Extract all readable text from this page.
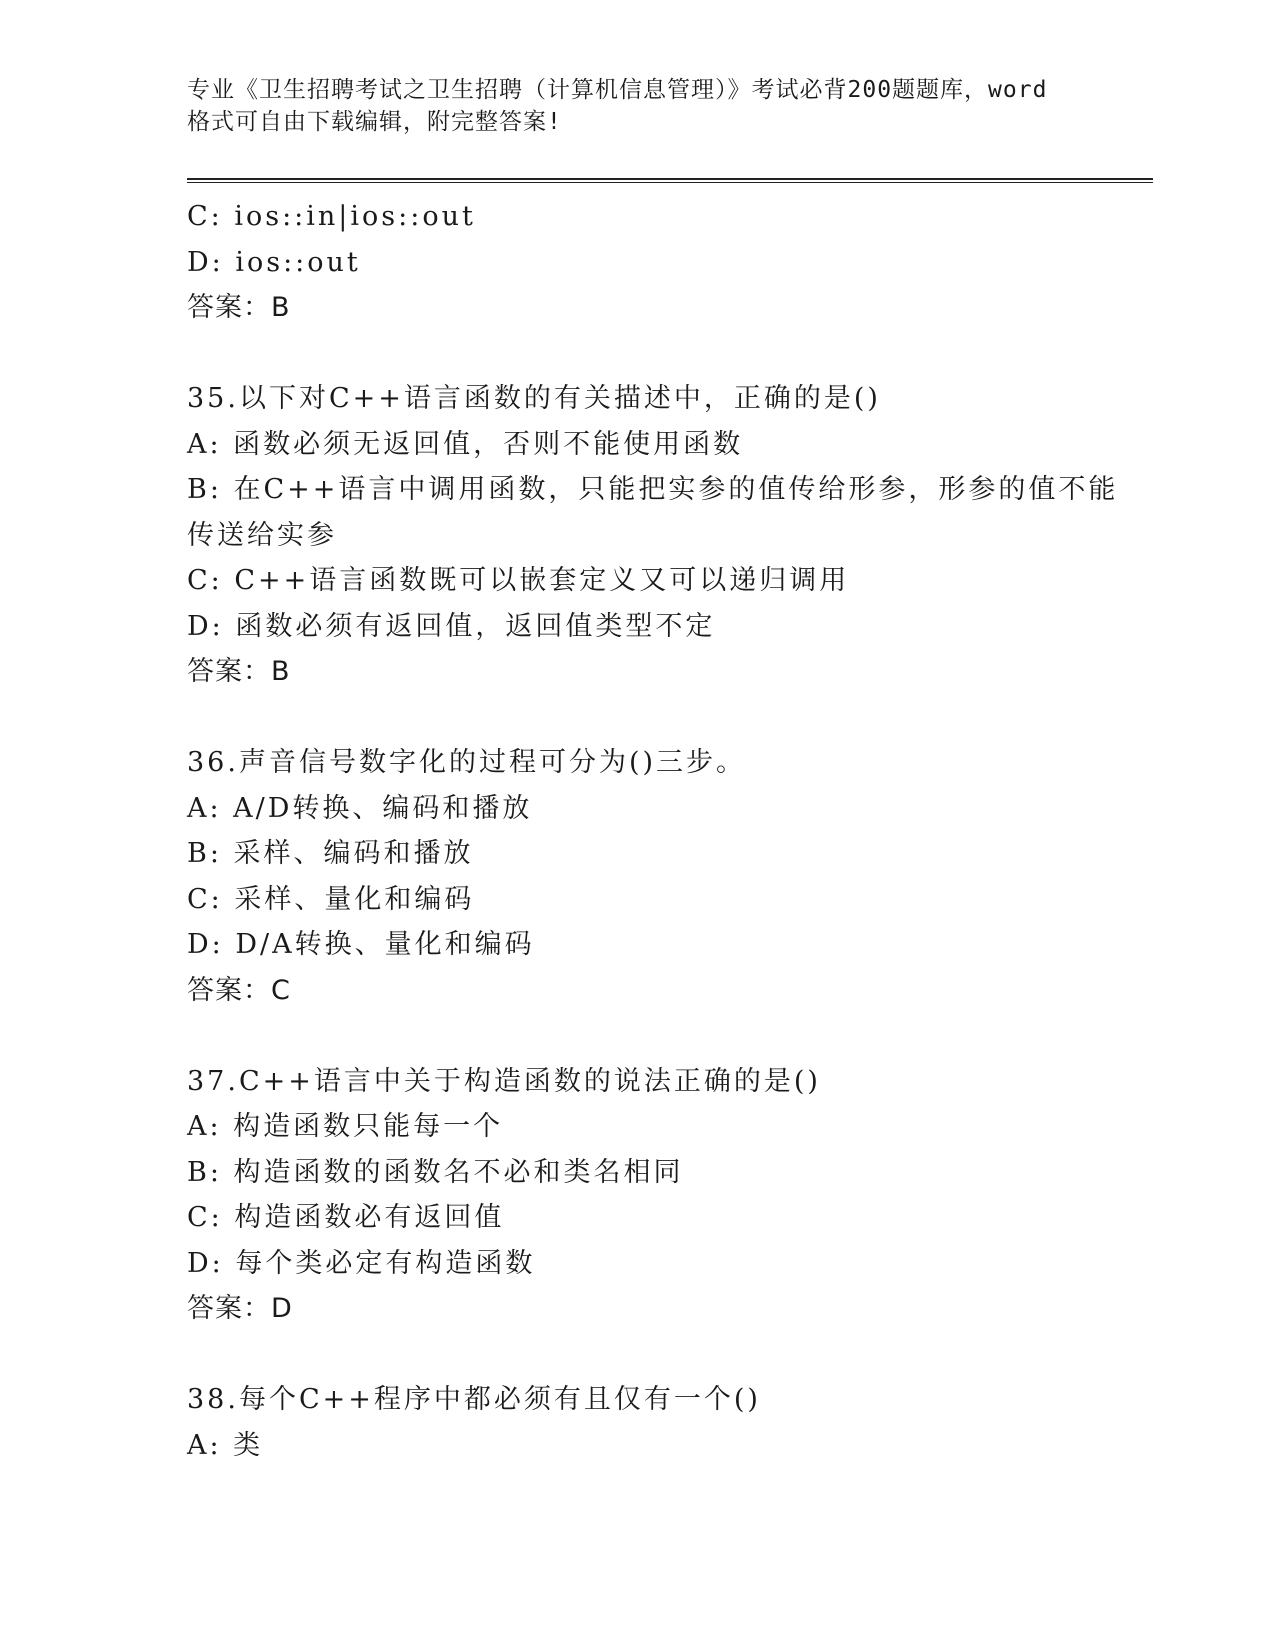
专业《卫生招聘考试之卫生招聘（计算机信息管理）》考试必背200题题库，word
格式可自由下载编辑，附完整答案!
C: ios::in|ios::out
D: ios::out
答案：B
35.以下对C++语言函数的有关描述中，正确的是()
A: 函数必须无返回值，否则不能使用函数
B: 在C++语言中调用函数，只能把实参的值传给形参，形参的值不能
传送给实参
C: C++语言函数既可以嵌套定义又可以递归调用
D: 函数必须有返回值，返回值类型不定
答案：B
36.声音信号数字化的过程可分为()三步。
A: A/D转换、编码和播放
B: 采样、编码和播放
C: 采样、量化和编码
D: D/A转换、量化和编码
答案：C
37.C++语言中关于构造函数的说法正确的是()
A: 构造函数只能每一个
B: 构造函数的函数名不必和类名相同
C: 构造函数必有返回值
D: 每个类必定有构造函数
答案：D
38.每个C++程序中都必须有且仅有一个()
A: 类
